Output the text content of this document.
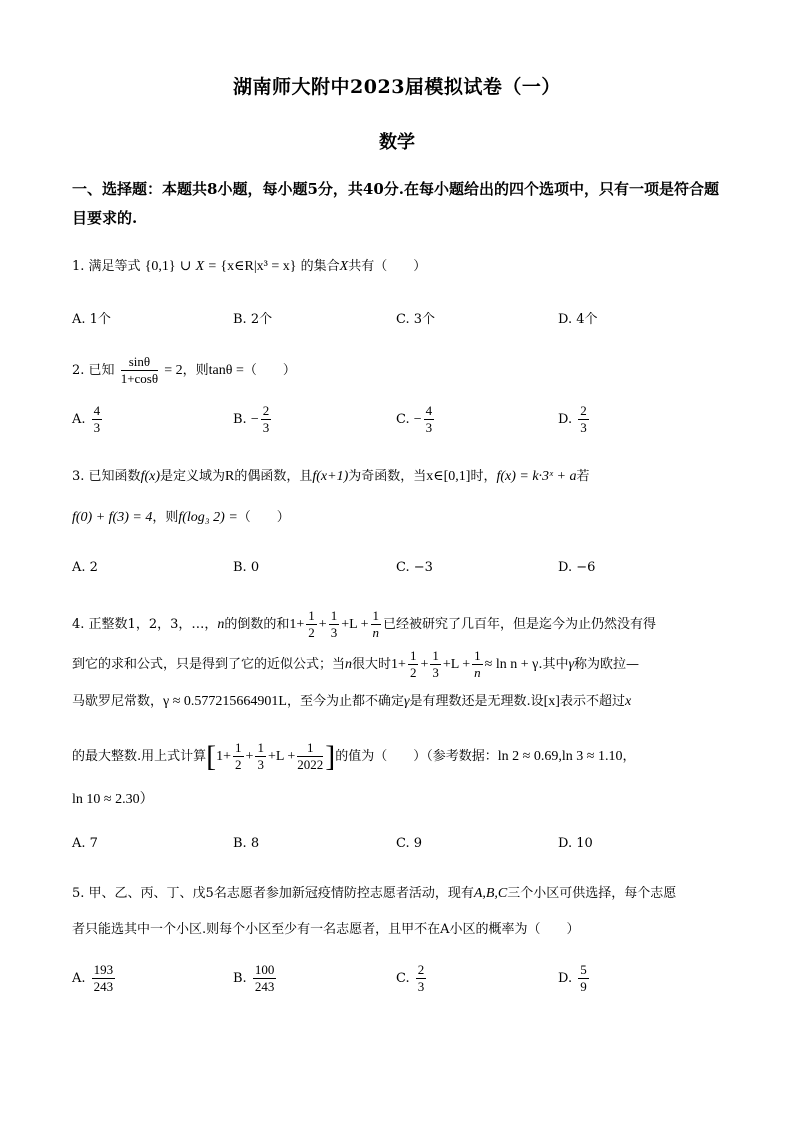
湖南师大附中2023届模拟试卷（一）
数学
一、选择题：本题共8小题，每小题5分，共40分.在每小题给出的四个选项中，只有一项是符合题目要求的.
1. 满足等式 {0,1} ∪ X = {x∈R|x³ = x} 的集合X共有（　　）
A. 1个	B. 2个	C. 3个	D. 4个
2. 已知 $\frac{\sin\theta}{1+\cos\theta} = 2$，则tanθ =（　　）
A. $\frac{4}{3}$	B. − $\frac{2}{3}$	C. − $\frac{4}{3}$	D. $\frac{2}{3}$
3. 已知函数f(x)是定义域为R的偶函数，且f(x+1)为奇函数，当x∈[0,1]时，f(x) = k·3ˣ + a若
f(0) + f(3) = 4，则f(log₃ 2) =（　　）
A. 2	B. 0	C. −3	D. −6
4. 正整数1，2，3，…，n的倒数的和$1+ \frac{1}{2} + \frac{1}{3} +L + \frac{1}{n}$ 已经被研究了几百年，但是迄今为止仍然没有得
到它的求和公式，只是得到了它的近似公式；当n很大时$1+ \frac{1}{2} + \frac{1}{3} +L + \frac{1}{n} \approx \ln n + \gamma$.其中γ称为欧拉—
马歇罗尼常数，γ ≈ 0.577215664901L，至今为止都不确定γ是有理数还是无理数.设[x]表示不超过x
的最大整数.用上式计算[$1+ \frac{1}{2} + \frac{1}{3} +L + \frac{1}{2022}$ ]的值为（　　）（参考数据：ln 2 ≈ 0.69,ln 3 ≈ 1.10，
ln 10 ≈ 2.30）
A. 7	B. 8	C. 9	D. 10
5. 甲、乙、丙、丁、戊5名志愿者参加新冠疫情防控志愿者活动，现有A,B,C三个小区可供选择，每个志愿
者只能选其中一个小区.则每个小区至少有一名志愿者，且甲不在A小区的概率为（　　）
A. $\frac{193}{243}$	B. $\frac{100}{243}$	C. $\frac{2}{3}$	D. $\frac{5}{9}$
